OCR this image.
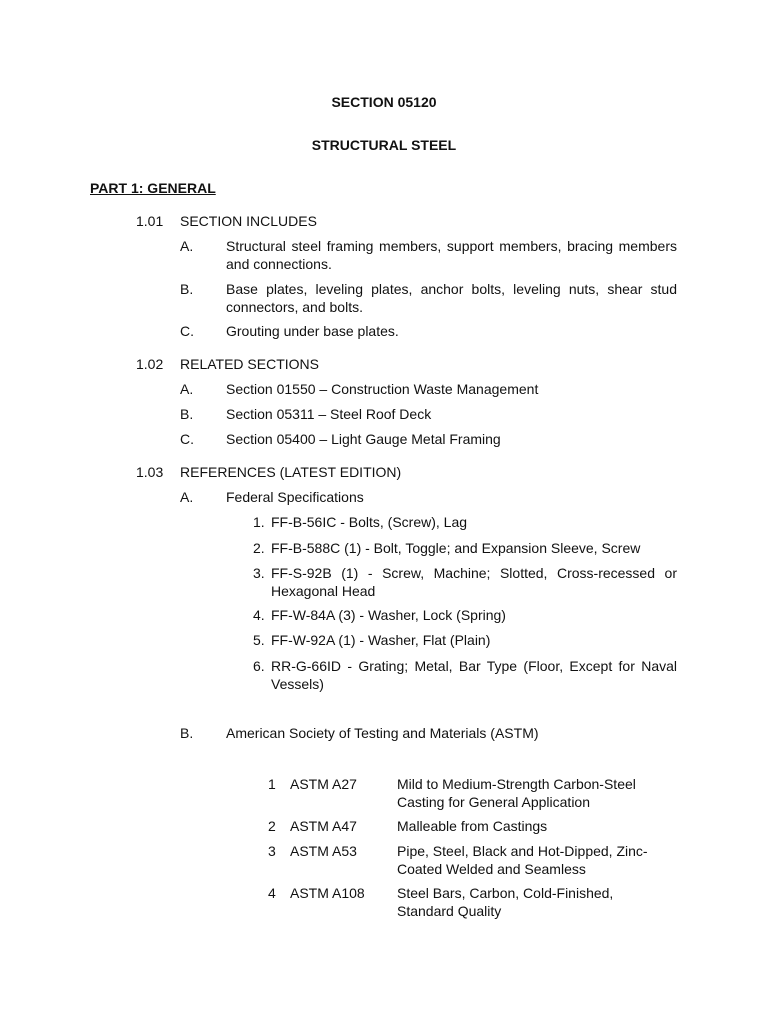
SECTION 05120
STRUCTURAL STEEL
PART 1: GENERAL
1.01 SECTION INCLUDES
A. Structural steel framing members, support members, bracing members and connections.
B. Base plates, leveling plates, anchor bolts, leveling nuts, shear stud connectors, and bolts.
C. Grouting under base plates.
1.02 RELATED SECTIONS
A. Section 01550 – Construction Waste Management
B. Section 05311 – Steel Roof Deck
C. Section 05400 – Light Gauge Metal Framing
1.03 REFERENCES (LATEST EDITION)
A. Federal Specifications
1. FF-B-56IC - Bolts, (Screw), Lag
2. FF-B-588C (1) - Bolt, Toggle; and Expansion Sleeve, Screw
3. FF-S-92B (1) - Screw, Machine; Slotted, Cross-recessed or Hexagonal Head
4. FF-W-84A (3) - Washer, Lock (Spring)
5. FF-W-92A (1) - Washer, Flat (Plain)
6. RR-G-66ID - Grating; Metal, Bar Type (Floor, Except for Naval Vessels)
B. American Society of Testing and Materials (ASTM)
1 ASTM A27	Mild to Medium-Strength Carbon-Steel Casting for General Application
2 ASTM A47	Malleable from Castings
3 ASTM A53	Pipe, Steel, Black and Hot-Dipped, Zinc-Coated Welded and Seamless
4 ASTM A108 Steel Bars, Carbon, Cold-Finished, Standard Quality
